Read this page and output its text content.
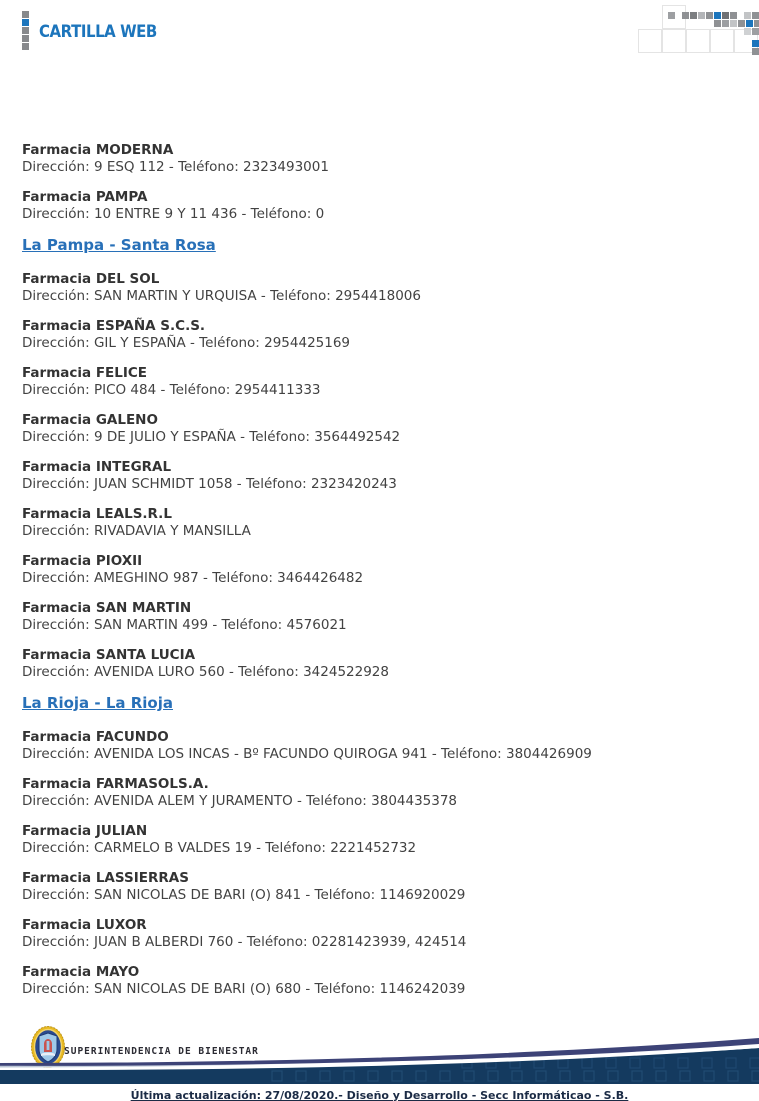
CARTILLA WEB
Farmacia MODERNA
Dirección: 9 ESQ 112 - Teléfono: 2323493001
Farmacia PAMPA
Dirección: 10 ENTRE 9 Y 11 436 - Teléfono: 0
La Pampa - Santa Rosa
Farmacia DEL SOL
Dirección: SAN MARTIN Y URQUISA - Teléfono: 2954418006
Farmacia ESPAÑA S.C.S.
Dirección: GIL Y ESPAÑA - Teléfono: 2954425169
Farmacia FELICE
Dirección: PICO 484 - Teléfono: 2954411333
Farmacia GALENO
Dirección: 9 DE JULIO Y ESPAÑA - Teléfono: 3564492542
Farmacia INTEGRAL
Dirección: JUAN SCHMIDT 1058 - Teléfono: 2323420243
Farmacia LEALS.R.L
Dirección: RIVADAVIA Y MANSILLA
Farmacia PIOXII
Dirección: AMEGHINO 987 - Teléfono: 3464426482
Farmacia SAN MARTIN
Dirección: SAN MARTIN 499 - Teléfono: 4576021
Farmacia SANTA LUCIA
Dirección: AVENIDA LURO 560 - Teléfono: 3424522928
La Rioja - La Rioja
Farmacia FACUNDO
Dirección: AVENIDA LOS INCAS - Bº FACUNDO QUIROGA 941 - Teléfono: 3804426909
Farmacia FARMASOLS.A.
Dirección: AVENIDA ALEM Y JURAMENTO - Teléfono: 3804435378
Farmacia JULIAN
Dirección: CARMELO B VALDES 19 - Teléfono: 2221452732
Farmacia LASSIERRAS
Dirección: SAN NICOLAS DE BARI (O) 841 - Teléfono: 1146920029
Farmacia LUXOR
Dirección: JUAN B ALBERDI 760 - Teléfono: 02281423939, 424514
Farmacia MAYO
Dirección: SAN NICOLAS DE BARI (O) 680 - Teléfono: 1146242039
SUPERINTENDENCIA DE BIENESTAR
Última actualización: 27/08/2020.- Diseño y Desarrollo - Secc Informáticao - S.B.
